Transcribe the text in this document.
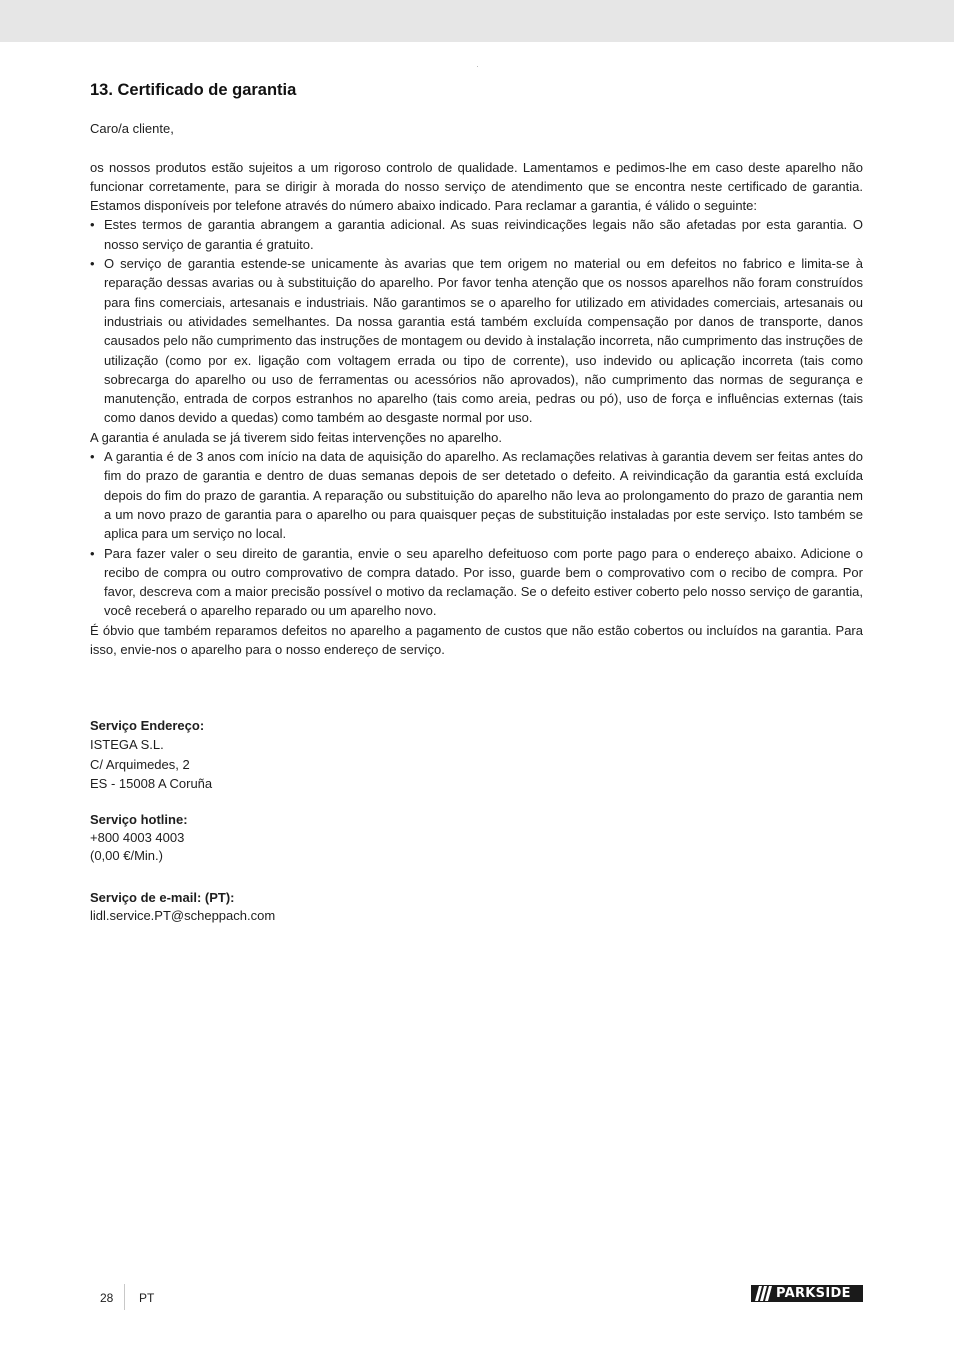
13. Certificado de garantia
Caro/a cliente,
os nossos produtos estão sujeitos a um rigoroso controlo de qualidade. Lamentamos e pedimos-lhe em caso deste aparelho não funcionar corretamente, para se dirigir à morada do nosso serviço de atendimento que se encontra neste certificado de garantia. Estamos disponíveis por telefone através do número abaixo indicado. Para reclamar a garantia, é válido o seguinte:
• Estes termos de garantia abrangem a garantia adicional. As suas reivindicações legais não são afetadas por esta garantia. O nosso serviço de garantia é gratuito.
• O serviço de garantia estende-se unicamente às avarias que tem origem no material ou em defeitos no fabrico e limita-se à reparação dessas avarias ou à substituição do aparelho. Por favor tenha atenção que os nossos aparelhos não foram construídos para fins comerciais, artesanais e industriais. Não garantimos se o aparelho for utilizado em atividades comerciais, artesanais ou industriais ou atividades semelhantes. Da nossa garantia está também excluída compensação por danos de transporte, danos causados pelo não cumprimento das instruções de montagem ou devido à instalação incorreta, não cumprimento das instruções de utilização (como por ex. ligação com voltagem errada ou tipo de corrente), uso indevido ou aplicação incorreta (tais como sobrecarga do aparelho ou uso de ferramentas ou acessórios não aprovados), não cumprimento das normas de segurança e manutenção, entrada de corpos estranhos no aparelho (tais como areia, pedras ou pó), uso de força e influências externas (tais como danos devido a quedas) como também ao desgaste normal por uso.
A garantia é anulada se já tiverem sido feitas intervenções no aparelho.
• A garantia é de 3 anos com início na data de aquisição do aparelho. As reclamações relativas à garantia devem ser feitas antes do fim do prazo de garantia e dentro de duas semanas depois de ser detetado o defeito. A reivindicação da garantia está excluída depois do fim do prazo de garantia. A reparação ou substituição do aparelho não leva ao prolongamento do prazo de garantia nem a um novo prazo de garantia para o aparelho ou para quaisquer peças de substituição instaladas por este serviço. Isto também se aplica para um serviço no local.
• Para fazer valer o seu direito de garantia, envie o seu aparelho defeituoso com porte pago para o endereço abaixo. Adicione o recibo de compra ou outro comprovativo de compra datado. Por isso, guarde bem o comprovativo com o recibo de compra. Por favor, descreva com a maior precisão possível o motivo da reclamação. Se o defeito estiver coberto pelo nosso serviço de garantia, você receberá o aparelho reparado ou um aparelho novo.
É óbvio que também reparamos defeitos no aparelho a pagamento de custos que não estão cobertos ou incluídos na garantia. Para isso, envie-nos o aparelho para o nosso endereço de serviço.
Serviço Endereço:
ISTEGA S.L.
C/ Arquimedes, 2
ES - 15008 A Coruña
Serviço hotline:
+800 4003 4003
(0,00 €/Min.)
Serviço de e-mail: (PT):
lidl.service.PT@scheppach.com
28 PT	PARKSIDE
